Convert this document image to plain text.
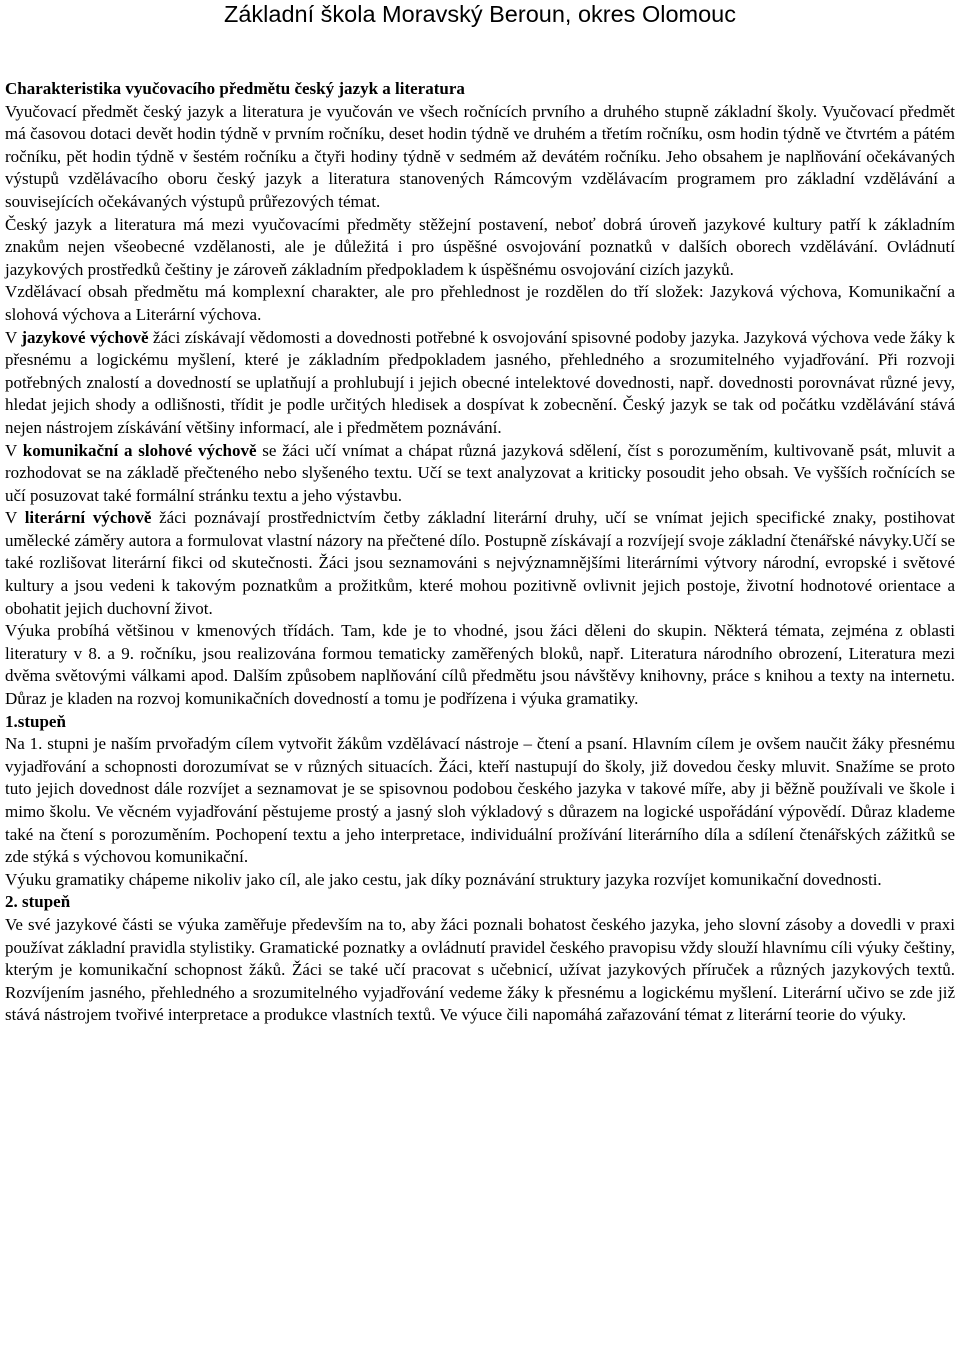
Základní škola Moravský Beroun, okres Olomouc
Charakteristika vyučovacího předmětu český jazyk a literatura

Vyučovací předmět český jazyk a literatura je vyučován ve všech ročnících prvního a druhého stupně základní školy. Vyučovací předmět má časovou dotaci devět hodin týdně v prvním ročníku, deset hodin týdně ve druhém a třetím ročníku, osm hodin týdně ve čtvrtém a pátém ročníku, pět hodin týdně v šestém ročníku a čtyři hodiny týdně v sedmém až devátém ročníku. Jeho obsahem je naplňování očekávaných výstupů vzdělávacího oboru český jazyk a literatura stanovených Rámcovým vzdělávacím programem pro základní vzdělávání a souvisejících očekávaných výstupů průřezových témat.

Český jazyk a literatura má mezi vyučovacími předměty stěžejní postavení, neboť dobrá úroveň jazykové kultury patří k základním znakům nejen všeobecné vzdělanosti, ale je důležitá i pro úspěšné osvojování poznatků v dalších oborech vzdělávání. Ovládnutí jazykových prostředků češtiny je zároveň základním předpokladem k úspěšnému osvojování cizích jazyků.

Vzdělávací obsah předmětu má komplexní charakter, ale pro přehlednost je rozdělen do tří složek: Jazyková výchova, Komunikační a slohová výchova a Literární výchova.

V jazykové výchově žáci získávají vědomosti a dovednosti potřebné k osvojování spisovné podoby jazyka. Jazyková výchova vede žáky k přesnému a logickému myšlení, které je základním předpokladem jasného, přehledného a srozumitelného vyjadřování. Při rozvoji potřebných znalostí a dovedností se uplatňují a prohlubují i jejich obecné intelektové dovednosti, např. dovednosti porovnávat různé jevy, hledat jejich shody a odlišnosti, třídit je podle určitých hledisek a dospívat k zobecnění. Český jazyk se tak od počátku vzdělávání stává nejen nástrojem získávání většiny informací, ale i předmětem poznávání.

V komunikační a slohové výchově se žáci učí vnímat a chápat různá jazyková sdělení, číst s porozuměním, kultivovaně psát, mluvit a rozhodovat se na základě přečteného nebo slyšeného textu. Učí se text analyzovat a kriticky posoudit jeho obsah. Ve vyšších ročnících se učí posuzovat také formální stránku textu a jeho výstavbu.

V literární výchově žáci poznávají prostřednictvím četby základní literární druhy, učí se vnímat jejich specifické znaky, postihovat umělecké záměry autora a formulovat vlastní názory na přečtené dílo. Postupně získávají a rozvíjejí svoje základní čtenářské návyky.Učí se také rozlišovat literární fikci od skutečnosti. Žáci jsou seznamováni s nejvýznamnějšími literárními výtvory národní, evropské i světové kultury a jsou vedeni k takovým poznatkům a prožitkům, které mohou pozitivně ovlivnit jejich postoje, životní hodnotové orientace a obohatit jejich duchovní život.

Výuka probíhá většinou v kmenových třídách. Tam, kde je to vhodné, jsou žáci děleni do skupin. Některá témata, zejména z oblasti literatury v 8. a 9. ročníku, jsou realizována formou tematicky zaměřených bloků, např. Literatura národního obrození, Literatura mezi dvěma světovými válkami apod. Dalším způsobem naplňování cílů předmětu jsou návštěvy knihovny, práce s knihou a texty na internetu. Důraz je kladen na rozvoj komunikačních dovedností a tomu je podřízena i výuka gramatiky.

1.stupeň

Na 1. stupni je naším prvořadým cílem vytvořit žákům vzdělávací nástroje – čtení a psaní. Hlavním cílem je ovšem naučit žáky přesnému vyjadřování a schopnosti dorozumívat se v různých situacích. Žáci, kteří nastupují do školy, již dovedou česky mluvit. Snažíme se proto tuto jejich dovednost dále rozvíjet a seznamovat je se spisovnou podobou českého jazyka v takové míře, aby ji běžně používali ve škole i mimo školu. Ve věcném vyjadřování pěstujeme prostý a jasný sloh výkladový s důrazem na logické uspořádání výpovědí. Důraz klademe také na čtení s porozuměním. Pochopení textu a jeho interpretace, individuální prožívání literárního díla a sdílení čtenářských zážitků se zde stýká s výchovou komunikační.

Výuku gramatiky chápeme nikoliv jako cíl, ale jako cestu, jak díky poznávání struktury jazyka rozvíjet komunikační dovednosti.

2. stupeň

Ve své jazykové části se výuka zaměřuje především na to, aby žáci poznali bohatost českého jazyka, jeho slovní zásoby a dovedli v praxi používat základní pravidla stylistiky. Gramatické poznatky a ovládnutí pravidel českého pravopisu vždy slouží hlavnímu cíli výuky češtiny, kterým je komunikační schopnost žáků. Žáci se také učí pracovat s učebnicí, užívat jazykových příruček a různých jazykových textů. Rozvíjením jasného, přehledného a srozumitelného vyjadřování vedeme žáky k přesnému a logickému myšlení. Literární učivo se zde již stává nástrojem tvořivé interpretace a produkce vlastních textů. Ve výuce čili napomáhá zařazování témat z literární teorie do výuky.
